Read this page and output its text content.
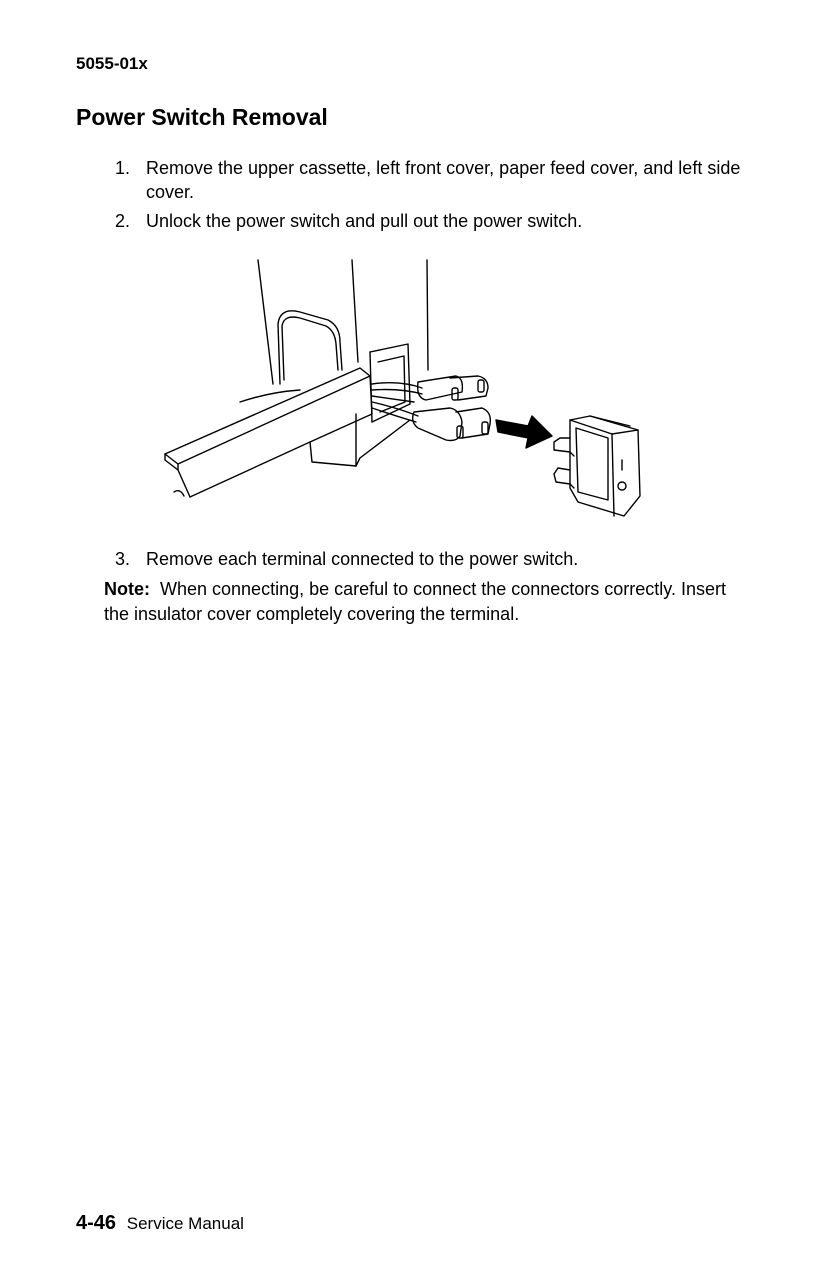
5055-01x
Power Switch Removal
1. Remove the upper cassette, left front cover, paper feed cover, and left side cover.
2. Unlock the power switch and pull out the power switch.
3. Remove each terminal connected to the power switch.
Note: When connecting, be careful to connect the connectors correctly. Insert the insulator cover completely covering the terminal.
4-46 Service Manual
